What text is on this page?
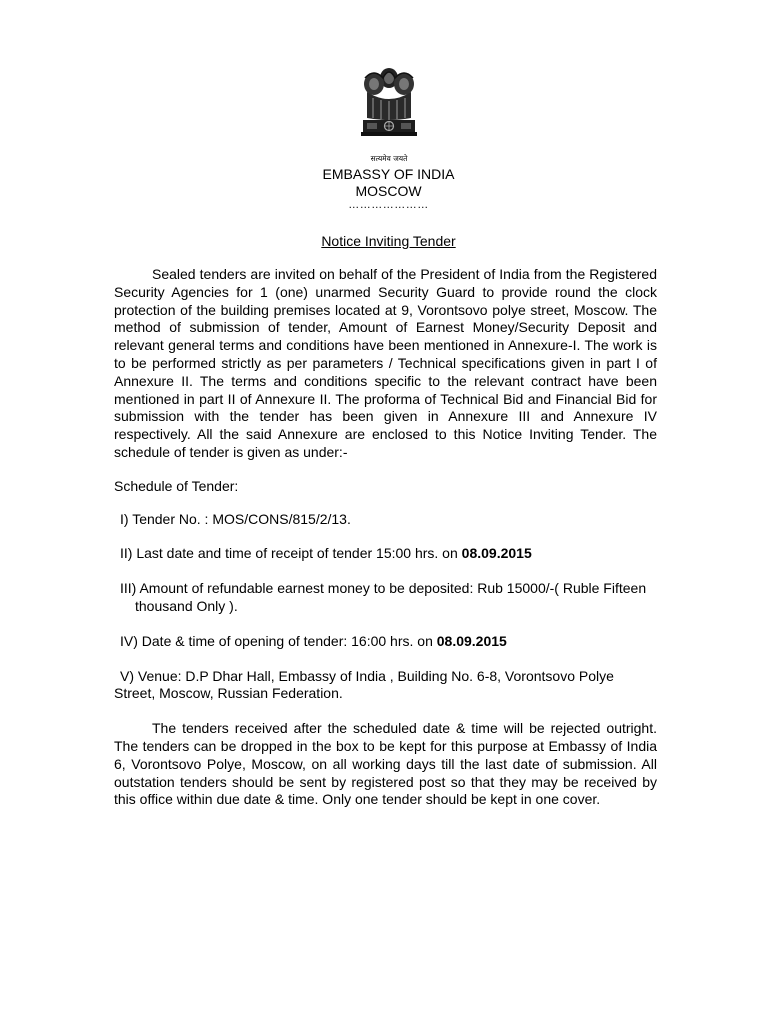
सत्यमेव जयते
EMBASSY OF INDIA
MOSCOW
…………………
Notice Inviting Tender

Sealed tenders are invited on behalf of the President of India from the Registered Security Agencies for 1 (one) unarmed Security Guard to provide round the clock protection of the building premises located at 9, Vorontsovo polye street, Moscow. The method of submission of tender, Amount of Earnest Money/Security Deposit and relevant general terms and conditions have been mentioned in Annexure-I. The work is to be performed strictly as per parameters / Technical specifications given in part I of Annexure II. The terms and conditions specific to the relevant contract have been mentioned in part II of Annexure II. The proforma of Technical Bid and Financial Bid for submission with the tender has been given in Annexure III and Annexure IV respectively. All the said Annexure are enclosed to this Notice Inviting Tender. The schedule of tender is given as under:-

Schedule of Tender:

I) Tender No. : MOS/CONS/815/2/13.

II) Last date and time of receipt of tender 15:00 hrs. on 08.09.2015

III) Amount of refundable earnest money to be deposited: Rub 15000/-( Ruble Fifteen thousand Only ).

IV) Date & time of opening of tender: 16:00 hrs. on 08.09.2015

V) Venue: D.P Dhar Hall, Embassy of India , Building No. 6-8, Vorontsovo Polye Street, Moscow, Russian Federation.

The tenders received after the scheduled date & time will be rejected outright. The tenders can be dropped in the box to be kept for this purpose at Embassy of India 6, Vorontsovo Polye, Moscow, on all working days till the last date of submission. All outstation tenders should be sent by registered post so that they may be received by this office within due date & time. Only one tender should be kept in one cover.
